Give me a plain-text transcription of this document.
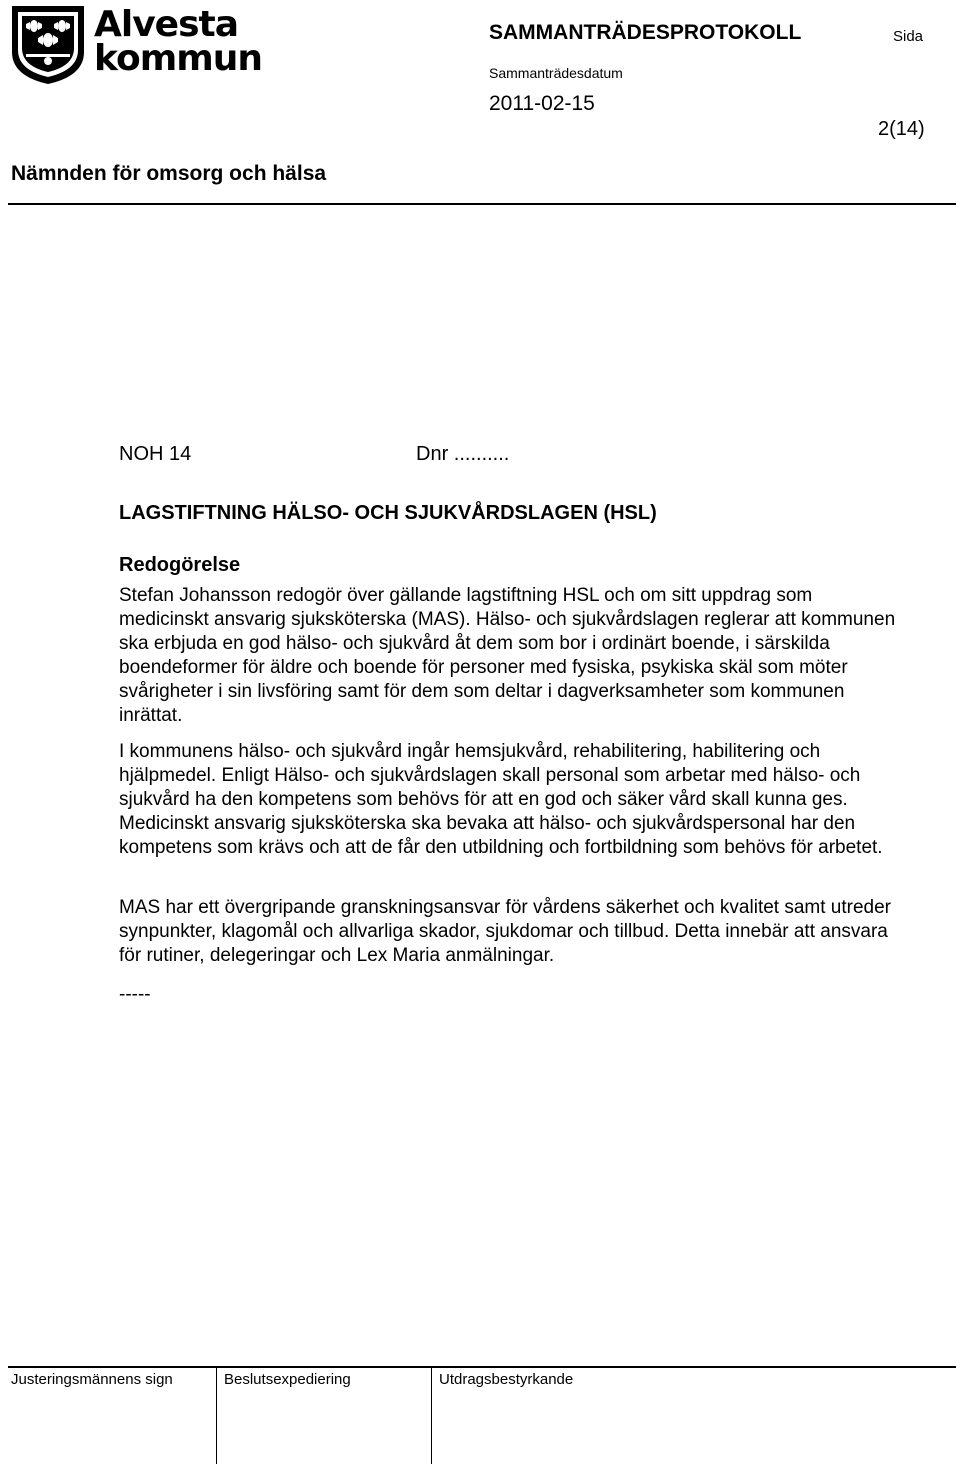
Alvesta
kommun
SAMMANTRÄDESPROTOKOLL	Sida
Sammanträdesdatum
2011-02-15
2(14)
Nämnden för omsorg och hälsa
NOH 14	Dnr ..........
LAGSTIFTNING HÄLSO- OCH SJUKVÅRDSLAGEN (HSL)
Redogörelse
Stefan Johansson redogör över gällande lagstiftning HSL och om sitt uppdrag som medicinskt ansvarig sjuksköterska (MAS). Hälso- och sjukvårdslagen reglerar att kommunen ska erbjuda en god hälso- och sjukvård åt dem som bor i ordinärt boende, i särskilda boendeformer för äldre och boende för personer med fysiska, psykiska skäl som möter svårigheter i sin livsföring samt för dem som deltar i dagverksamheter som kommunen inrättat.
I kommunens hälso- och sjukvård ingår hemsjukvård, rehabilitering, habilitering och hjälpmedel. Enligt Hälso- och sjukvårdslagen skall personal som arbetar med hälso- och sjukvård ha den kompetens som behövs för att en god och säker vård skall kunna ges. Medicinskt ansvarig sjuksköterska ska bevaka att hälso- och sjukvårdspersonal har den kompetens som krävs och att de får den utbildning och fortbildning som behövs för arbetet.
MAS har ett övergripande granskningsansvar för vårdens säkerhet och kvalitet samt utreder synpunkter, klagomål och allvarliga skador, sjukdomar och tillbud. Detta innebär att ansvara för rutiner, delegeringar och Lex Maria anmälningar.
-----
Justeringsmännens sign	Beslutsexpediering	Utdragsbestyrkande
